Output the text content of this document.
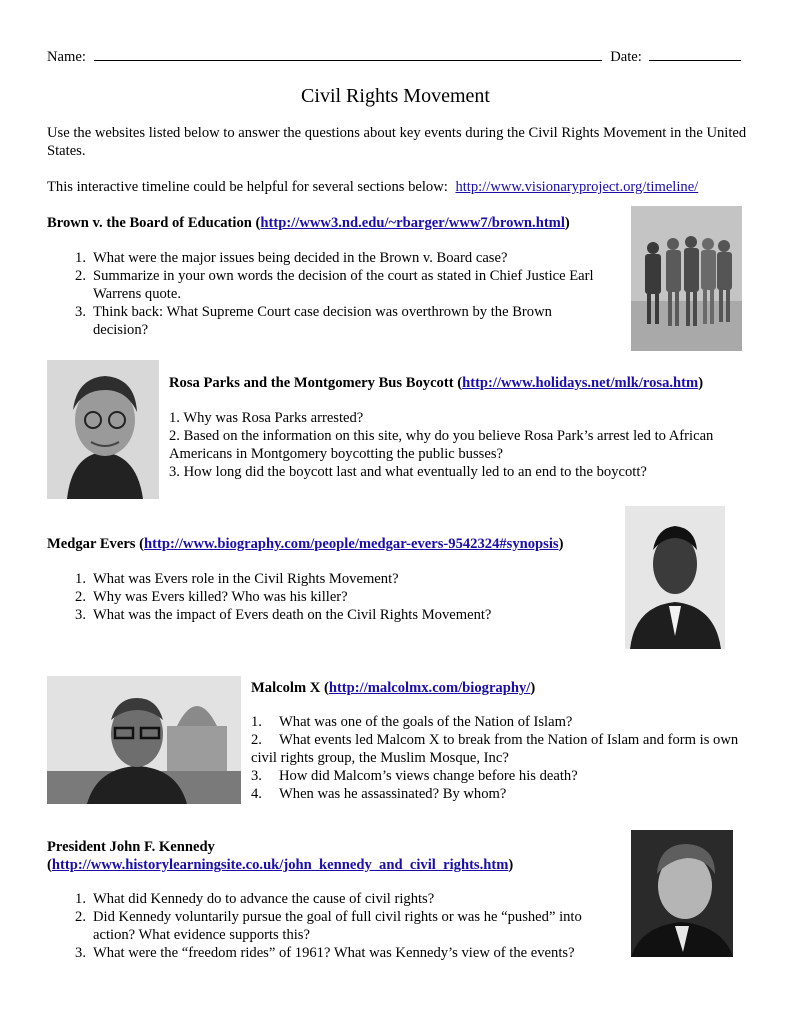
Name:	Date:
Civil Rights Movement
Use the websites listed below to answer the questions about key events during the Civil Rights Movement in the United States.
This interactive timeline could be helpful for several sections below: http://www.visionaryproject.org/timeline/
Brown v. the Board of Education (http://www3.nd.edu/~rbarger/www7/brown.html)
1. What were the major issues being decided in the Brown v. Board case?
2. Summarize in your own words the decision of the court as stated in Chief Justice Earl Warrens quote.
3. Think back: What Supreme Court case decision was overthrown by the Brown decision?
Rosa Parks and the Montgomery Bus Boycott (http://www.holidays.net/mlk/rosa.htm)
1. Why was Rosa Parks arrested?
2. Based on the information on this site, why do you believe Rosa Park’s arrest led to African Americans in Montgomery boycotting the public busses?
3. How long did the boycott last and what eventually led to an end to the boycott?
Medgar Evers (http://www.biography.com/people/medgar-evers-9542324#synopsis)
1. What was Evers role in the Civil Rights Movement?
2. Why was Evers killed? Who was his killer?
3. What was the impact of Evers death on the Civil Rights Movement?
Malcolm X (http://malcolmx.com/biography/)
1. What was one of the goals of the Nation of Islam?
2. What events led Malcom X to break from the Nation of Islam and form is own civil rights group, the Muslim Mosque, Inc?
3. How did Malcom’s views change before his death?
4. When was he assassinated? By whom?
President John F. Kennedy
(http://www.historylearningsite.co.uk/john_kennedy_and_civil_rights.htm)
1. What did Kennedy do to advance the cause of civil rights?
2. Did Kennedy voluntarily pursue the goal of full civil rights or was he “pushed” into action? What evidence supports this?
3. What were the “freedom rides” of 1961? What was Kennedy’s view of the events?
